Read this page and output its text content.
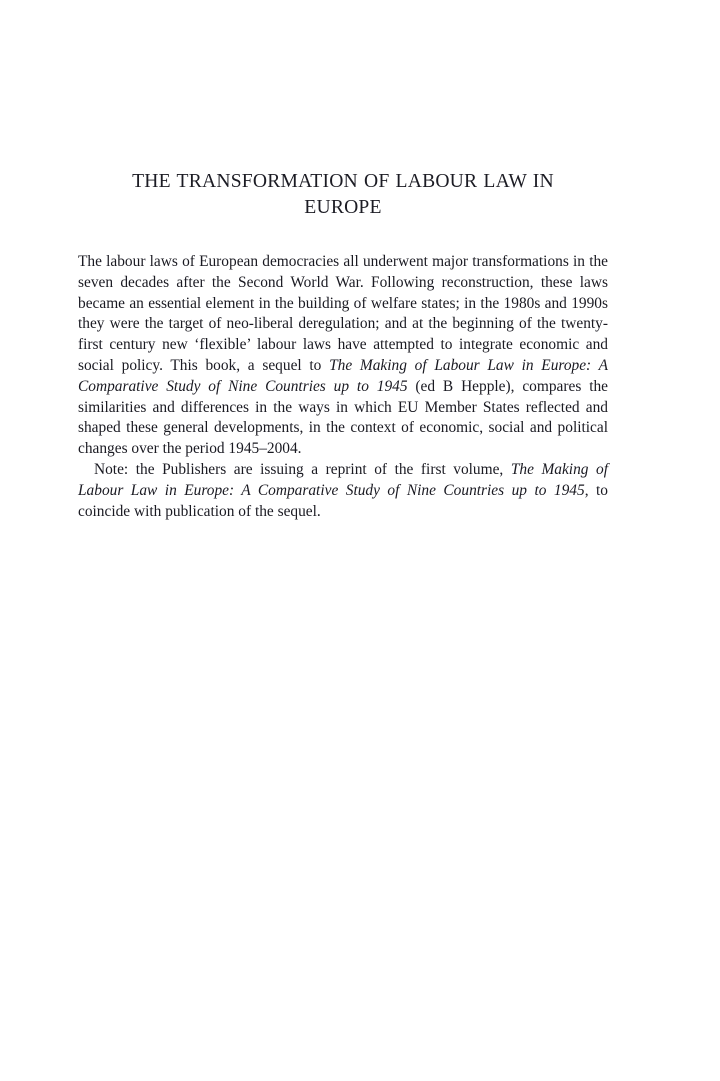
THE TRANSFORMATION OF LABOUR LAW IN
EUROPE

The labour laws of European democracies all underwent major transformations in the seven decades after the Second World War. Following reconstruction, these laws became an essential element in the building of welfare states; in the 1980s and 1990s they were the target of neo-liberal deregulation; and at the beginning of the twenty-first century new ‘flexible’ labour laws have attempted to integrate economic and social policy. This book, a sequel to The Making of Labour Law in Europe: A Comparative Study of Nine Countries up to 1945 (ed B Hepple), compares the similarities and differences in the ways in which EU Member States reflected and shaped these general developments, in the context of economic, social and political changes over the period 1945–2004.

Note: the Publishers are issuing a reprint of the first volume, The Making of Labour Law in Europe: A Comparative Study of Nine Countries up to 1945, to coincide with publication of the sequel.
